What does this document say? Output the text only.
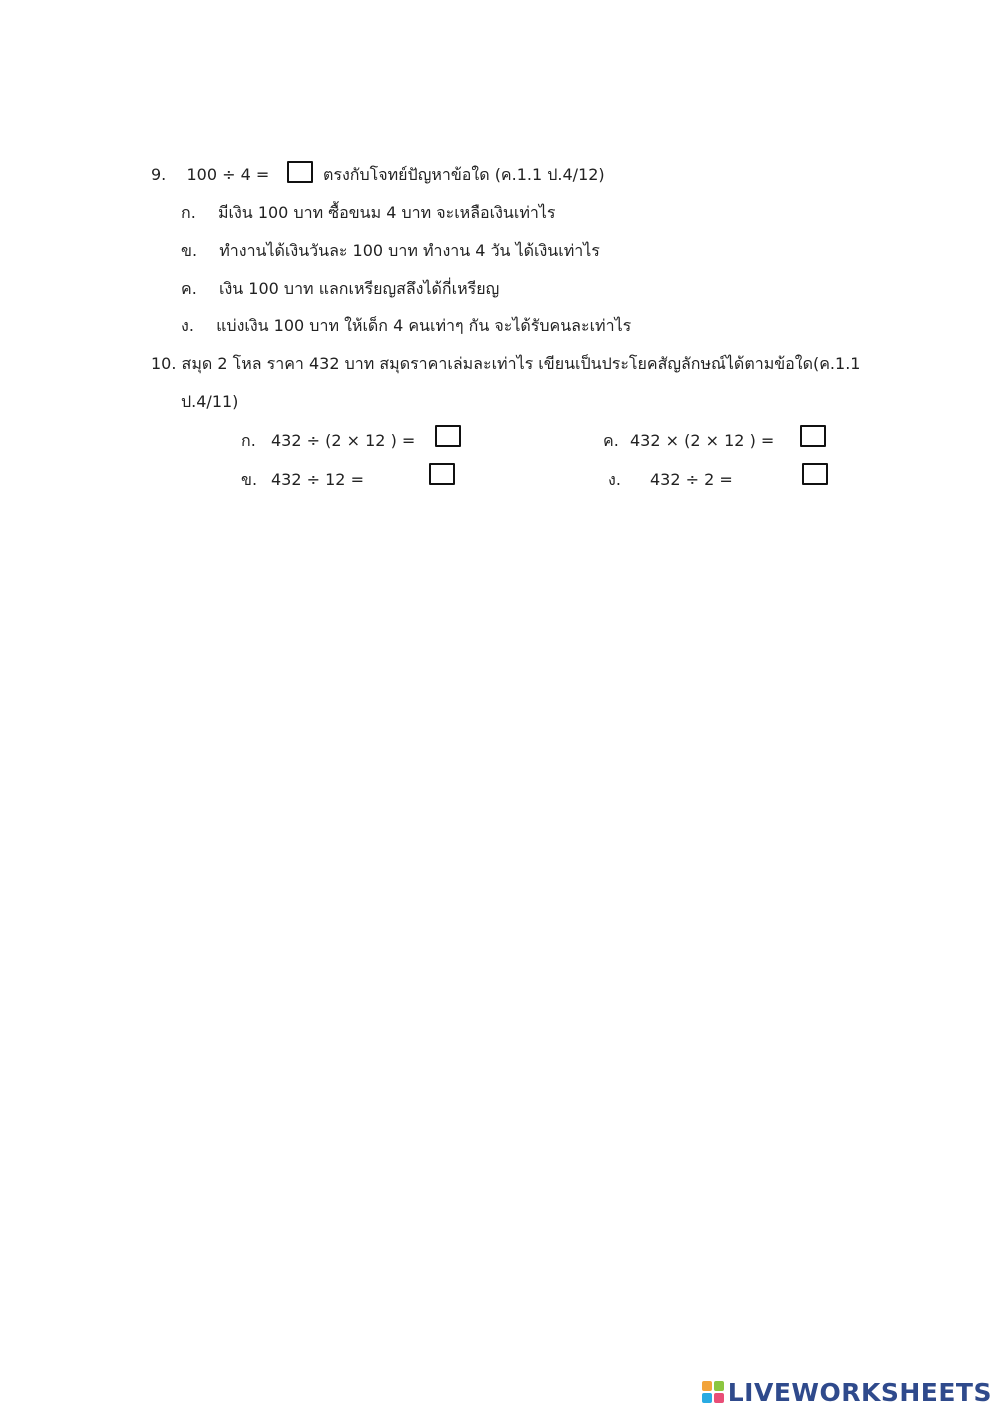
9. 100 ÷ 4 =	ตรงกับโจทย์ปัญหาข้อใด (ค.1.1 ป.4/12)
ก. มีเงิน 100 บาท ซื้อขนม 4 บาท จะเหลือเงินเท่าไร
ข. ทำงานได้เงินวันละ 100 บาท ทำงาน 4 วัน ได้เงินเท่าไร
ค. เงิน 100 บาท แลกเหรียญสลึงได้กี่เหรียญ
ง. แบ่งเงิน 100 บาท ให้เด็ก 4 คนเท่าๆ กัน จะได้รับคนละเท่าไร
10. สมุด 2 โหล ราคา 432 บาท สมุดราคาเล่มละเท่าไร เขียนเป็นประโยคสัญลักษณ์ได้ตามข้อใด(ค.1.1
ป.4/11)
ก. 432 ÷ (2 × 12 ) =
ข. 432 ÷ 12 =
ค. 432 × (2 × 12 ) =
ง. 432 ÷ 2 =
LIVEWORKSHEETS
